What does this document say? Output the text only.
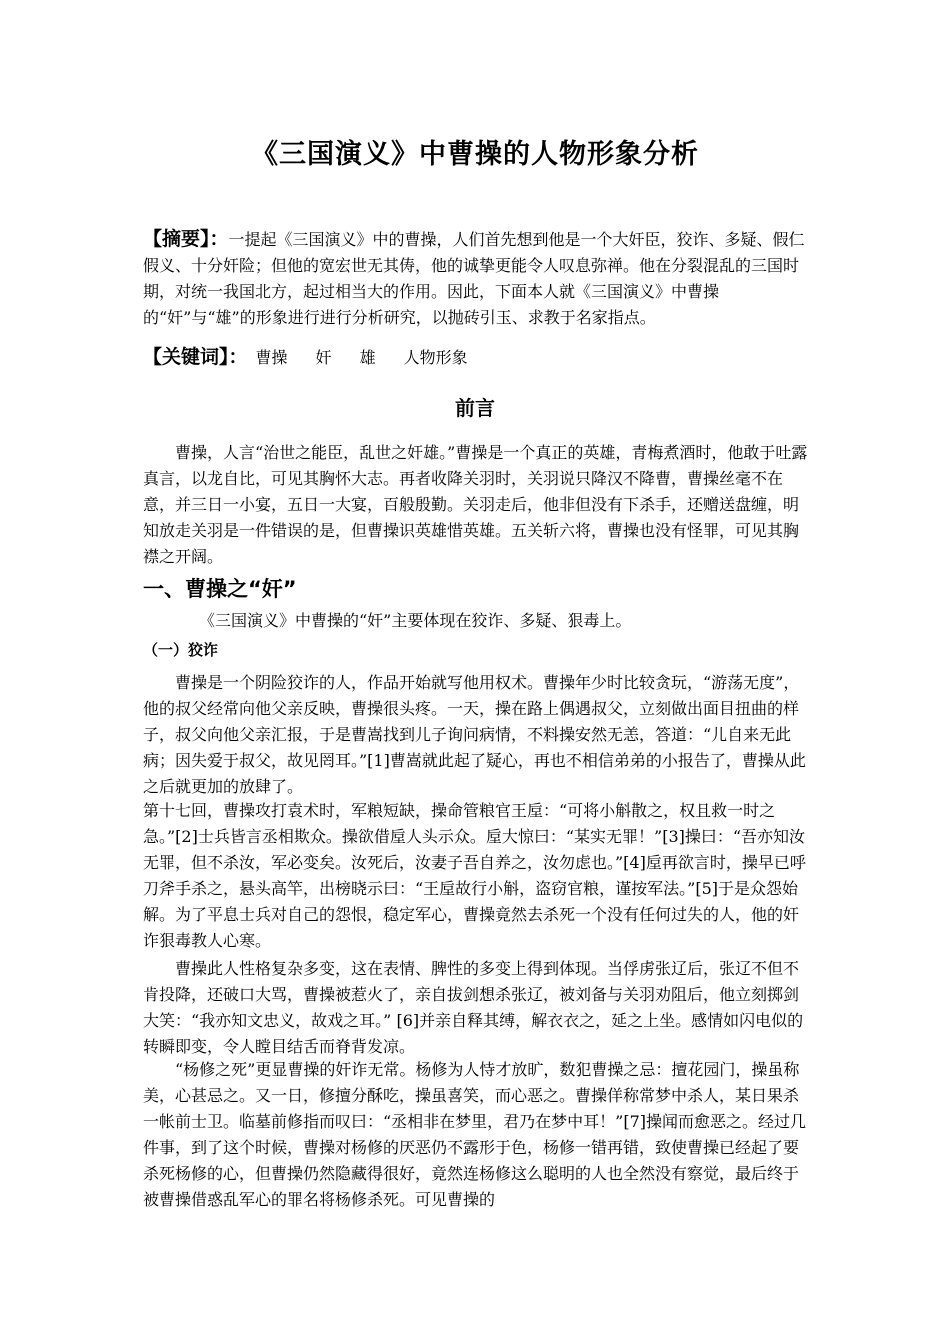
《三国演义》中曹操的人物形象分析
【摘要】：一提起《三国演义》中的曹操，人们首先想到他是一个大奸臣，狡诈、多疑、假仁假义、十分奸险；但他的宽宏世无其俦，他的诚挚更能令人叹息弥禅。他在分裂混乱的三国时期，对统一我国北方，起过相当大的作用。因此，下面本人就《三国演义》中曹操的“奸”与“雄”的形象进行进行分析研究，以抛砖引玉、求教于名家指点。
【关键词】： 曹操 奸 雄 人物形象
前言
曹操，人言“治世之能臣，乱世之奸雄。”曹操是一个真正的英雄，青梅煮酒时，他敢于吐露真言，以龙自比，可见其胸怀大志。再者收降关羽时，关羽说只降汉不降曹，曹操丝毫不在意，并三日一小宴，五日一大宴，百般殷勤。关羽走后，他非但没有下杀手，还赠送盘缠，明知放走关羽是一件错误的是，但曹操识英雄惜英雄。五关斩六将，曹操也没有怪罪，可见其胸襟之开阔。
一、曹操之“奸”
《三国演义》中曹操的“奸”主要体现在狡诈、多疑、狠毒上。
（一）狡诈
曹操是一个阴险狡诈的人，作品开始就写他用权术。曹操年少时比较贪玩，“游荡无度”，他的叔父经常向他父亲反映，曹操很头疼。一天，操在路上偶遇叔父，立刻做出面目扭曲的样子，叔父向他父亲汇报，于是曹嵩找到儿子询问病情，不料操安然无恙，答道：“儿自来无此病；因失爱于叔父，故见罔耳。”[1]曹嵩就此起了疑心，再也不相信弟弟的小报告了，曹操从此之后就更加的放肆了。
第十七回，曹操攻打袁术时，军粮短缺，操命管粮官王垕：“可将小斛散之，权且救一时之急。”[2]士兵皆言丞相欺众。操欲借垕人头示众。垕大惊曰：“某实无罪！”[3]操曰：“吾亦知汝无罪，但不杀汝，军必变矣。汝死后，汝妻子吾自养之，汝勿虑也。”[4]垕再欲言时，操早已呼刀斧手杀之，悬头高竿，出榜晓示曰：“王垕故行小斛，盗窃官粮，谨按军法。”[5]于是众怨始解。为了平息士兵对自己的怨恨，稳定军心，曹操竟然去杀死一个没有任何过失的人，他的奸诈狠毒教人心寒。
曹操此人性格复杂多变，这在表情、脾性的多变上得到体现。当俘虏张辽后，张辽不但不肯投降，还破口大骂，曹操被惹火了，亲自拔剑想杀张辽，被刘备与关羽劝阻后，他立刻掷剑大笑：“我亦知文忠义，故戏之耳。” [6]并亲自释其缚，解衣衣之，延之上坐。感情如闪电似的转瞬即变，令人瞠目结舌而脊背发凉。
“杨修之死”更显曹操的奸诈无常。杨修为人恃才放旷，数犯曹操之忌：擅花园门，操虽称美，心甚忌之。又一日，修擅分酥吃，操虽喜笑，而心恶之。曹操佯称常梦中杀人，某日果杀一帐前士卫。临墓前修指而叹曰：“丞相非在梦里，君乃在梦中耳！”[7]操闻而愈恶之。经过几件事，到了这个时候，曹操对杨修的厌恶仍不露形于色，杨修一错再错，致使曹操已经起了要杀死杨修的心，但曹操仍然隐藏得很好，竟然连杨修这么聪明的人也全然没有察觉，最后终于被曹操借惑乱军心的罪名将杨修杀死。可见曹操的
